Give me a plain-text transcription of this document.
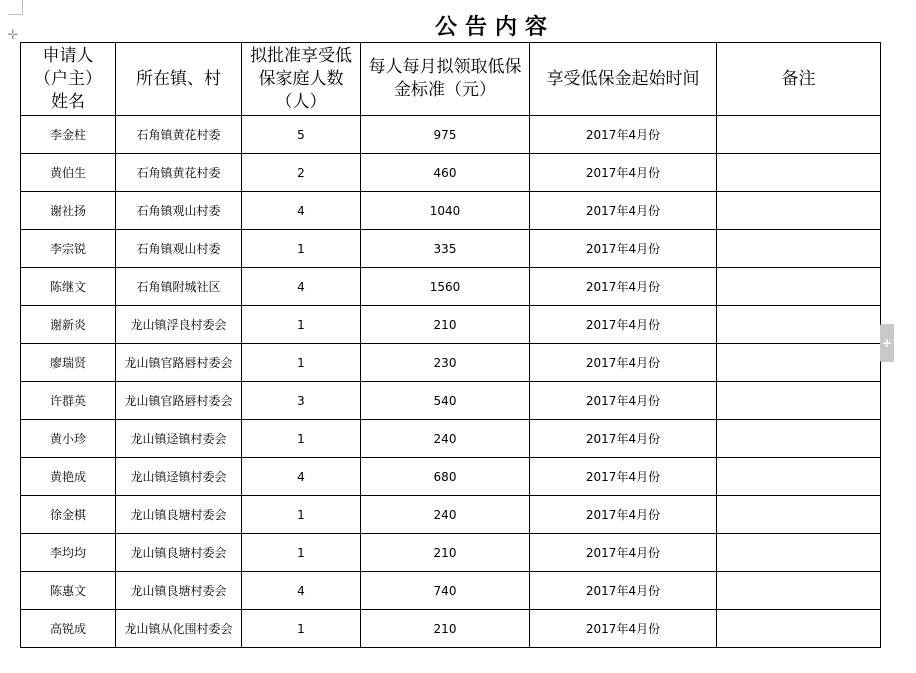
✛	公告内容
申请人（户主）姓名	所在镇、村	拟批准享受低保家庭人数（人）	每人每月拟领取低保金标准（元）	享受低保金起始时间	备注

李金柱	石角镇黄花村委	5	975	2017年4月份	
黄伯生	石角镇黄花村委	2	460	2017年4月份	
谢社扬	石角镇观山村委	4	1040	2017年4月份	
李宗锐	石角镇观山村委	1	335	2017年4月份	
陈继文	石角镇附城社区	4	1560	2017年4月份	
谢新炎	龙山镇浮良村委会	1	210	2017年4月份	
廖瑞贤	龙山镇官路唇村委会	1	230	2017年4月份	
许群英	龙山镇官路唇村委会	3	540	2017年4月份	
黄小珍	龙山镇迳镇村委会	1	240	2017年4月份	
黄艳成	龙山镇迳镇村委会	4	680	2017年4月份	
徐金棋	龙山镇良塘村委会	1	240	2017年4月份	
李均均	龙山镇良塘村委会	1	210	2017年4月份	
陈惠文	龙山镇良塘村委会	4	740	2017年4月份	
高锐成	龙山镇从化围村委会	1	210	2017年4月份	
+
